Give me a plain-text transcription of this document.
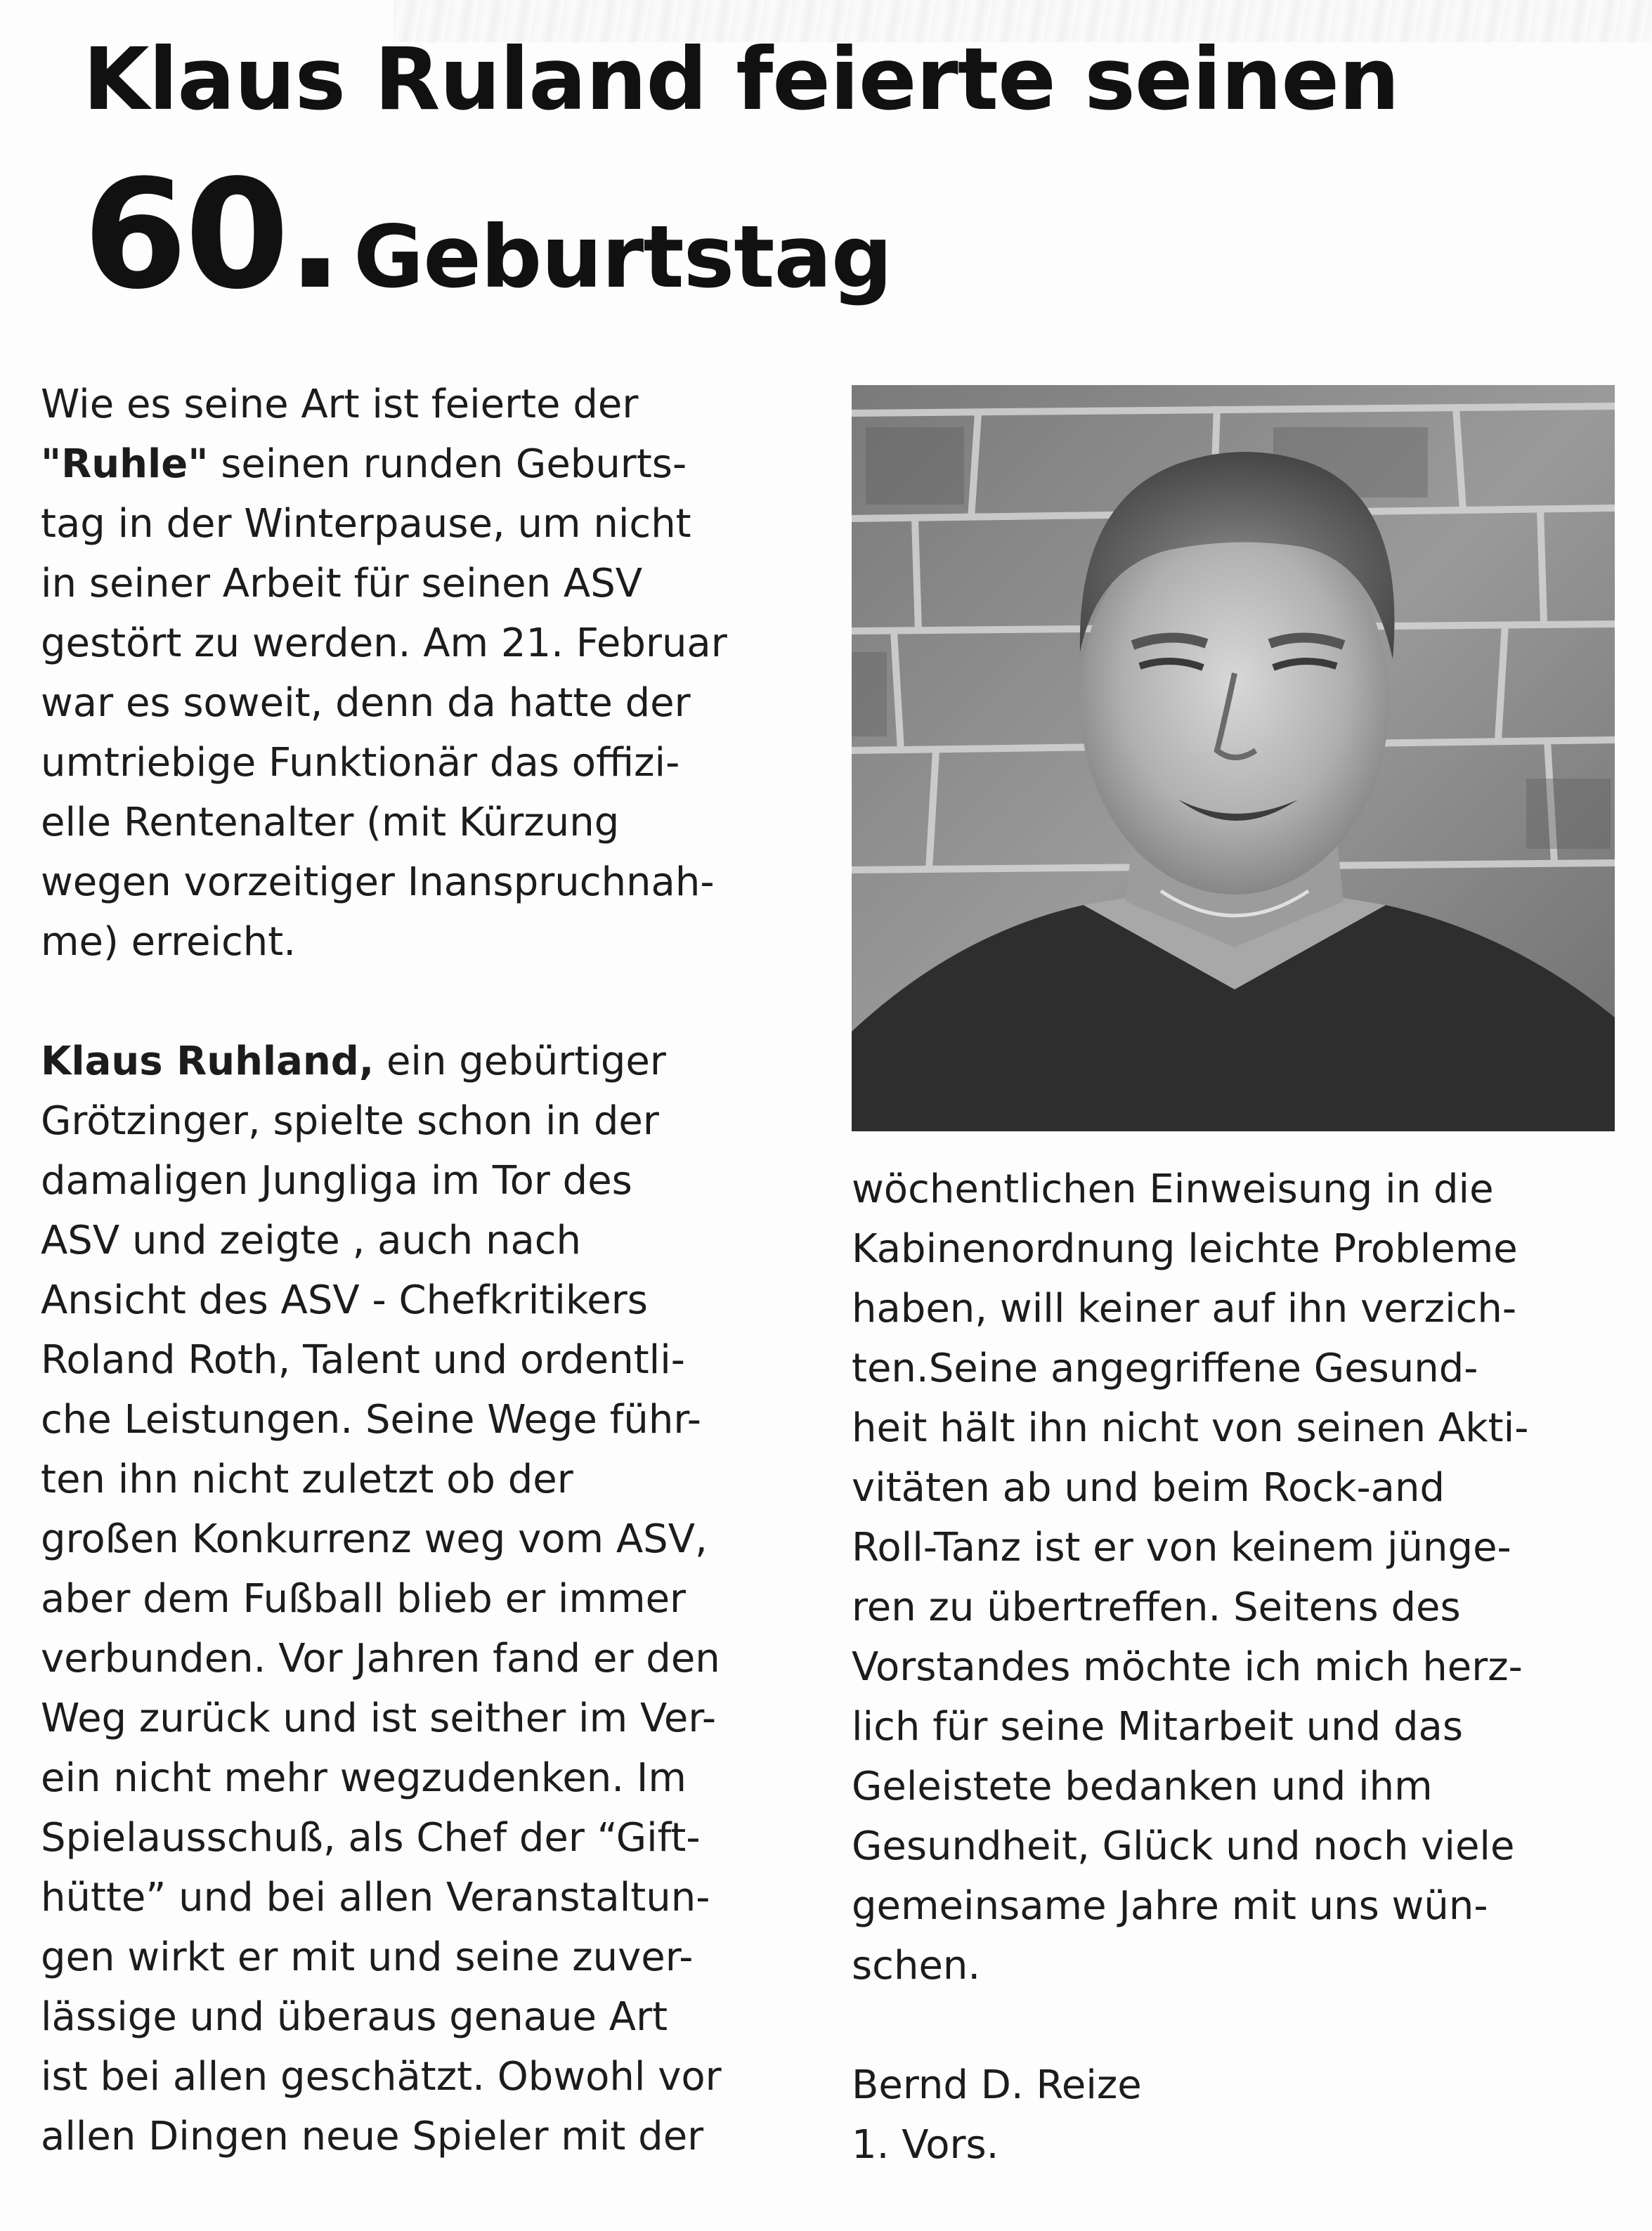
Klaus Ruland feierte seinen
60. Geburtstag
Wie es seine Art ist feierte der
"Ruhle" seinen runden Geburts-
tag in der Winterpause, um nicht
in seiner Arbeit für seinen ASV
gestört zu werden. Am 21. Februar
war es soweit, denn da hatte der
umtriebige Funktionär das offizi-
elle Rentenalter (mit Kürzung
wegen vorzeitiger Inanspruchnah-
me) erreicht.
Klaus Ruhland, ein gebürtiger
Grötzinger, spielte schon in der
damaligen Jungliga im Tor des
ASV und zeigte , auch nach
Ansicht des ASV - Chefkritikers
Roland Roth, Talent und ordentli-
che Leistungen. Seine Wege führ-
ten ihn nicht zuletzt ob der
großen Konkurrenz weg vom ASV,
aber dem Fußball blieb er immer
verbunden. Vor Jahren fand er den
Weg zurück und ist seither im Ver-
ein nicht mehr wegzudenken. Im
Spielausschuß, als Chef der “Gift-
hütte” und bei allen Veranstaltun-
gen wirkt er mit und seine zuver-
lässige und überaus genaue Art
ist bei allen geschätzt. Obwohl vor
allen Dingen neue Spieler mit der
wöchentlichen Einweisung in die
Kabinenordnung leichte Probleme
haben, will keiner auf ihn verzich-
ten.Seine angegriffene Gesund-
heit hält ihn nicht von seinen Akti-
vitäten ab und beim Rock-and
Roll-Tanz ist er von keinem jünge-
ren zu übertreffen. Seitens des
Vorstandes möchte ich mich herz-
lich für seine Mitarbeit und das
Geleistete bedanken und ihm
Gesundheit, Glück und noch viele
gemeinsame Jahre mit uns wün-
schen.
Bernd D. Reize
1. Vors.
